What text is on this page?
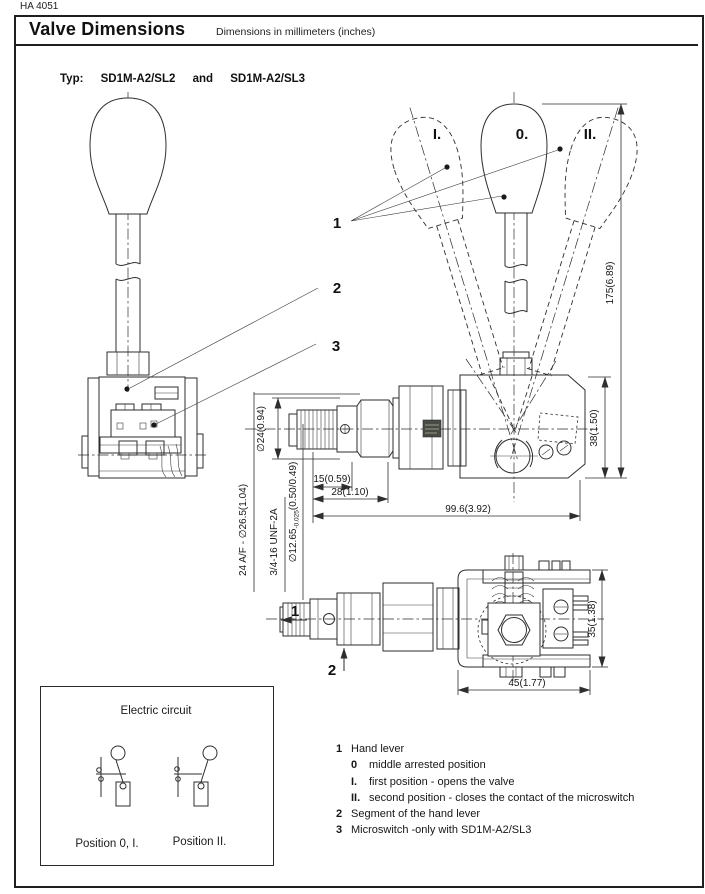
HA 4051
Valve Dimensions	Dimensions in millimeters (inches)
Typ: SD1M-A2/SL2 and SD1M-A2/SL3
I.	0.	II.
1
2
3
175(6.89)
38(1.50)
∅24(0.94)
15(0.59)
28(1.10)
99.6(3.92)
24 A/F - ∅26.5(1.04) 3/4-16 UNF-2A $\emptyset 12.65_{-0.025}(0.50/0.49)$
1
2
35(1.38)
45(1.77)
Electric circuit
Position 0, I.	Position II.
1 Hand lever
0	middle arrested position
I.	first position - opens the valve
II. second position - closes the contact of the microswitch
2 Segment of the hand lever
3 Microswitch -only with SD1M-A2/SL3
